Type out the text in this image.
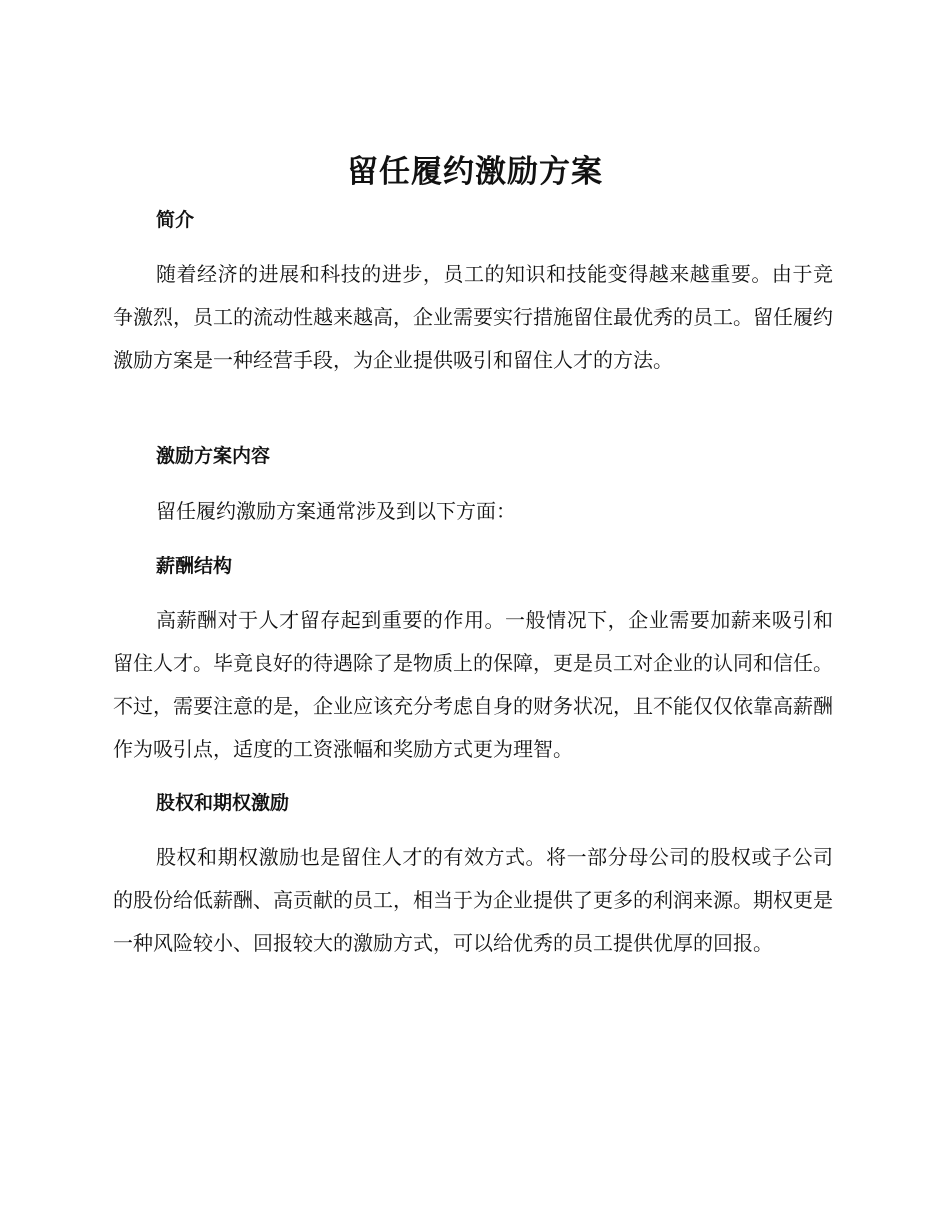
留任履约激励方案
简介

随着经济的进展和科技的进步，员工的知识和技能变得越来越重要。由于竞争激烈，员工的流动性越来越高，企业需要实行措施留住最优秀的员工。留任履约激励方案是一种经营手段，为企业提供吸引和留住人才的方法。

激励方案内容

留任履约激励方案通常涉及到以下方面：

薪酬结构

高薪酬对于人才留存起到重要的作用。一般情况下，企业需要加薪来吸引和留住人才。毕竟良好的待遇除了是物质上的保障，更是员工对企业的认同和信任。不过，需要注意的是，企业应该充分考虑自身的财务状况，且不能仅仅依靠高薪酬作为吸引点，适度的工资涨幅和奖励方式更为理智。

股权和期权激励

股权和期权激励也是留住人才的有效方式。将一部分母公司的股权或子公司的股份给低薪酬、高贡献的员工，相当于为企业提供了更多的利润来源。期权更是一种风险较小、回报较大的激励方式，可以给优秀的员工提供优厚的回报。
